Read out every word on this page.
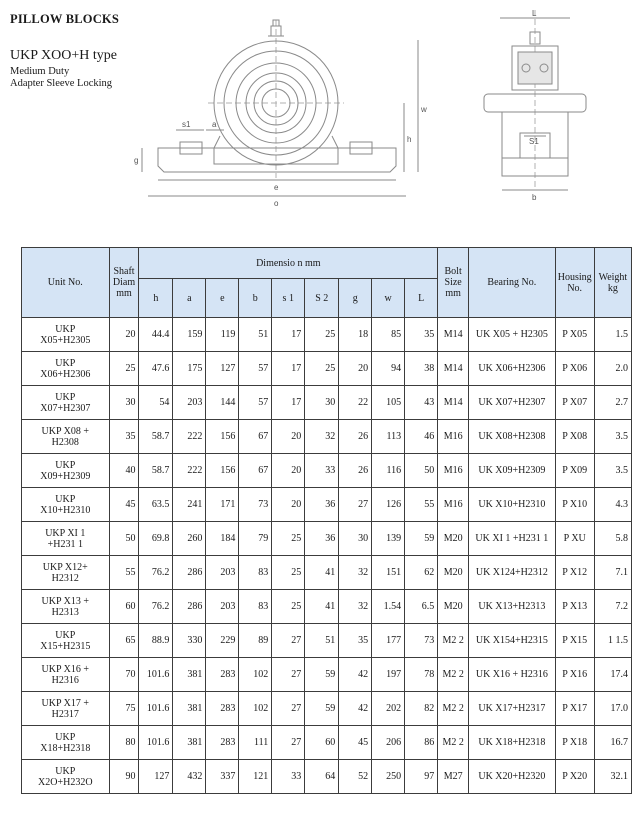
PILLOW BLOCKS
UKP XOO+H type
Medium Duty
Adapter Sleeve Locking
s1	a
g
h
w
e
o
L
S1
b
Unit No.	Shaft Diam mm	Dimensio n mm									Bolt Size mm	Bearing No.	Housing No.	Weight kg
		h	a	e	b	s 1	S 2	g	w	L				

UKP
X05+H2305	20	44.4	159	119	51	17	25	18	85	35	M14	UK X05 + H2305	P X05	1.5

UKP
X06+H2306	25	47.6	175	127	57	17	25	20	94	38	M14	UK X06+H2306	P X06	2.0

UKP
X07+H2307	30	54	203	144	57	17	30	22	105	43	M14	UK X07+H2307	P X07	2.7

UKP X08 +
H2308	35	58.7	222	156	67	20	32	26	113	46	M16	UK X08+H2308	P X08	3.5

UKP
X09+H2309	40	58.7	222	156	67	20	33	26	116	50	M16	UK X09+H2309	P X09	3.5

UKP
X10+H2310	45	63.5	241	171	73	20	36	27	126	55	M16	UK X10+H2310	P X10	4.3

UKP XI 1
+H231 1	50	69.8	260	184	79	25	36	30	139	59	M20	UK XI 1 +H231 1	P XU	5.8

UKP X12+
H2312	55	76.2	286	203	83	25	41	32	151	62	M20	UK X124+H2312	P X12	7.1

UKP X13 +
H2313	60	76.2	286	203	83	25	41	32	1.54	6.5	M20	UK X13+H2313	P X13	7.2

UKP
X15+H2315	65	88.9	330	229	89	27	51	35	177	73	M2 2	UK X154+H2315	P X15	1 1.5

UKP X16 +
H2316	70	101.6	381	283	102	27	59	42	197	78	M2 2	UK X16 + H2316	P X16	17.4

UKP X17 +
H2317	75	101.6	381	283	102	27	59	42	202	82	M2 2	UK X17+H2317	P X17	17.0

UKP
X18+H2318	80	101.6	381	283	111	27	60	45	206	86	M2 2	UK X18+H2318	P X18	16.7

UKP
X2O+H232O	90	127	432	337	121	33	64	52	250	97	M27	UK X20+H2320	P X20	32.1
